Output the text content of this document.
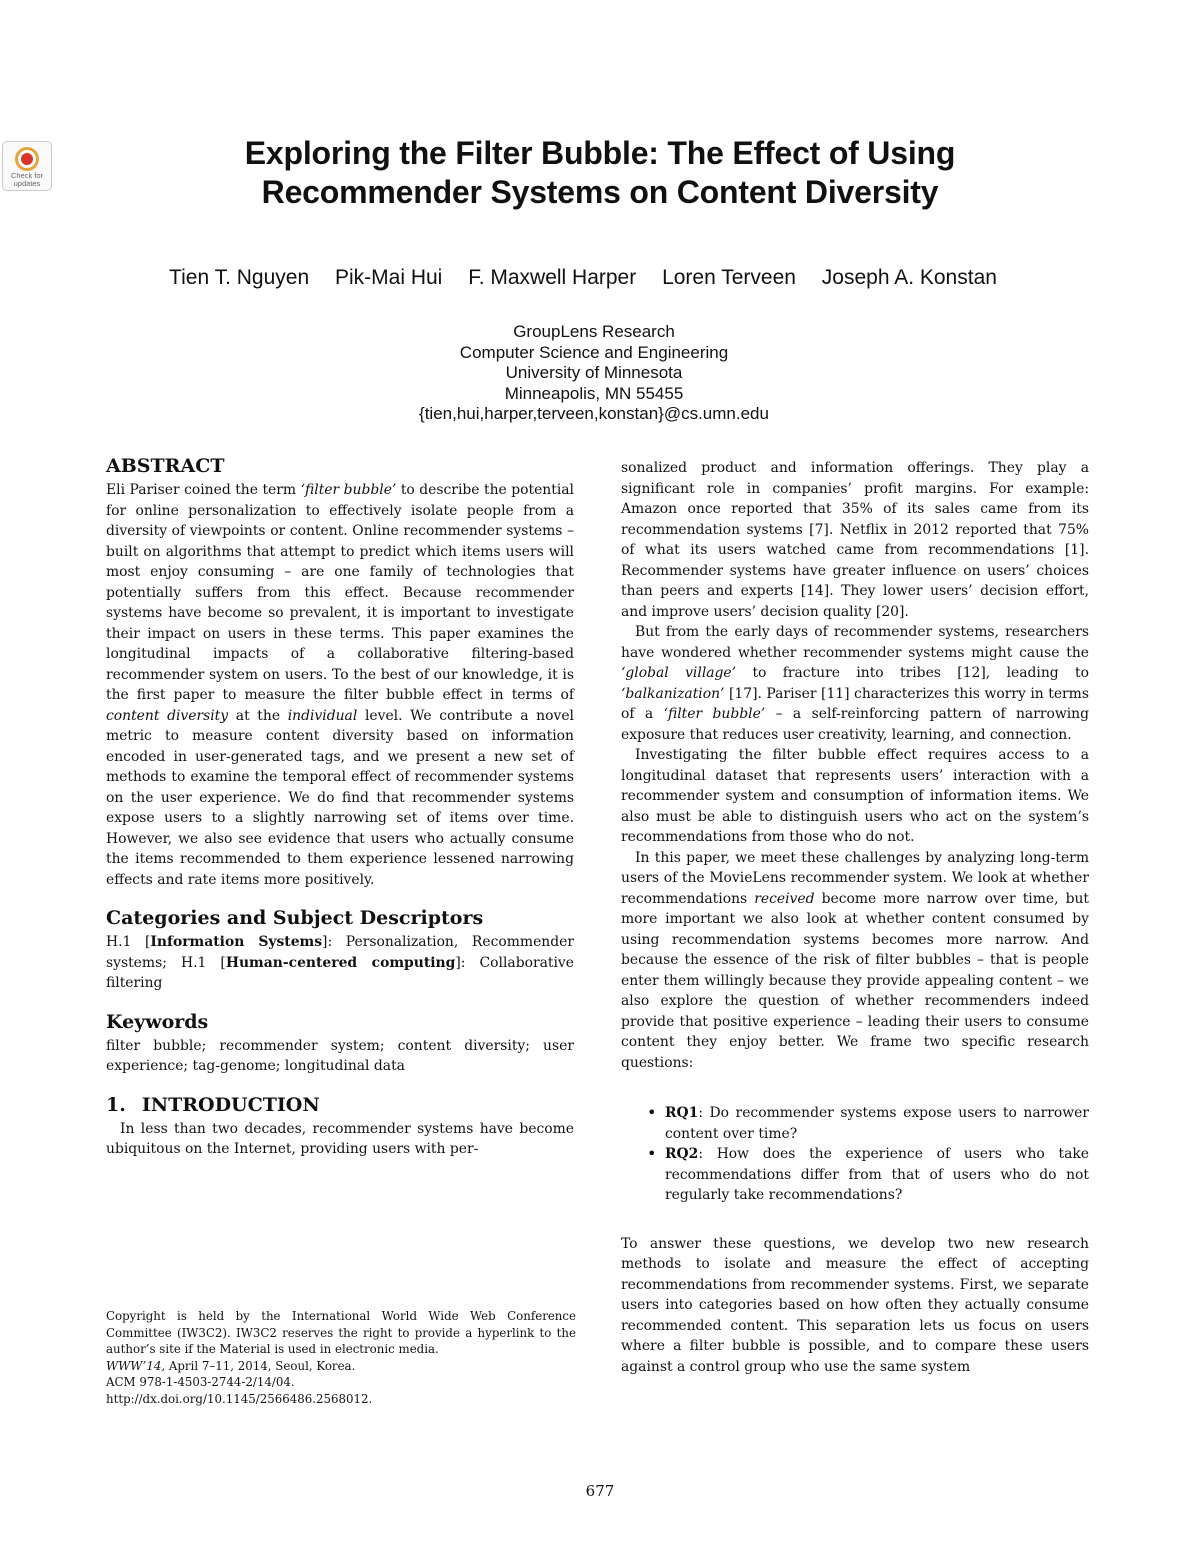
Check for updates
Exploring the Filter Bubble: The Effect of Using
Recommender Systems on Content Diversity
Tien T. Nguyen Pik-Mai Hui F. Maxwell Harper Loren Terveen Joseph A. Konstan
GroupLens Research
Computer Science and Engineering
University of Minnesota
Minneapolis, MN 55455
{tien,hui,harper,terveen,konstan}@cs.umn.edu
ABSTRACT

Eli Pariser coined the term ‘filter bubble’ to describe the potential for online personalization to effectively isolate people from a diversity of viewpoints or content. Online recommender systems – built on algorithms that attempt to predict which items users will most enjoy consuming – are one family of technologies that potentially suffers from this effect. Because recommender systems have become so prevalent, it is important to investigate their impact on users in these terms. This paper examines the longitudinal impacts of a collaborative filtering-based recommender system on users. To the best of our knowledge, it is the first paper to measure the filter bubble effect in terms of content diversity at the individual level. We contribute a novel metric to measure content diversity based on information encoded in user-generated tags, and we present a new set of methods to examine the temporal effect of recommender systems on the user experience. We do find that recommender systems expose users to a slightly narrowing set of items over time. However, we also see evidence that users who actually consume the items recommended to them experience lessened narrowing effects and rate items more positively.

Categories and Subject Descriptors

H.1 [Information Systems]: Personalization, Recommender systems; H.1 [Human-centered computing]: Collaborative filtering

Keywords

filter bubble; recommender system; content diversity; user experience; tag-genome; longitudinal data

1. INTRODUCTION

In less than two decades, recommender systems have become ubiquitous on the Internet, providing users with per-

Copyright is held by the International World Wide Web Conference Committee (IW3C2). IW3C2 reserves the right to provide a hyperlink to the author’s site if the Material is used in electronic media.
WWW’14, April 7–11, 2014, Seoul, Korea.
ACM 978-1-4503-2744-2/14/04.
http://dx.doi.org/10.1145/2566486.2568012.

sonalized product and information offerings. They play a significant role in companies’ profit margins. For example: Amazon once reported that 35% of its sales came from its recommendation systems [7]. Netflix in 2012 reported that 75% of what its users watched came from recommendations [1]. Recommender systems have greater influence on users’ choices than peers and experts [14]. They lower users’ decision effort, and improve users’ decision quality [20].

But from the early days of recommender systems, researchers have wondered whether recommender systems might cause the ‘global village’ to fracture into tribes [12], leading to ‘balkanization’ [17]. Pariser [11] characterizes this worry in terms of a ‘filter bubble’ – a self-reinforcing pattern of narrowing exposure that reduces user creativity, learning, and connection.

Investigating the filter bubble effect requires access to a longitudinal dataset that represents users’ interaction with a recommender system and consumption of information items. We also must be able to distinguish users who act on the system’s recommendations from those who do not.

In this paper, we meet these challenges by analyzing long-term users of the MovieLens recommender system. We look at whether recommendations received become more narrow over time, but more important we also look at whether content consumed by using recommendation systems becomes more narrow. And because the essence of the risk of filter bubbles – that is people enter them willingly because they provide appealing content – we also explore the question of whether recommenders indeed provide that positive experience – leading their users to consume content they enjoy better. We frame two specific research questions:

• RQ1: Do recommender systems expose users to narrower content over time?

• RQ2: How does the experience of users who take recommendations differ from that of users who do not regularly take recommendations?

To answer these questions, we develop two new research methods to isolate and measure the effect of accepting recommendations from recommender systems. First, we separate users into categories based on how often they actually consume recommended content. This separation lets us focus on users where a filter bubble is possible, and to compare these users against a control group who use the same system

677
